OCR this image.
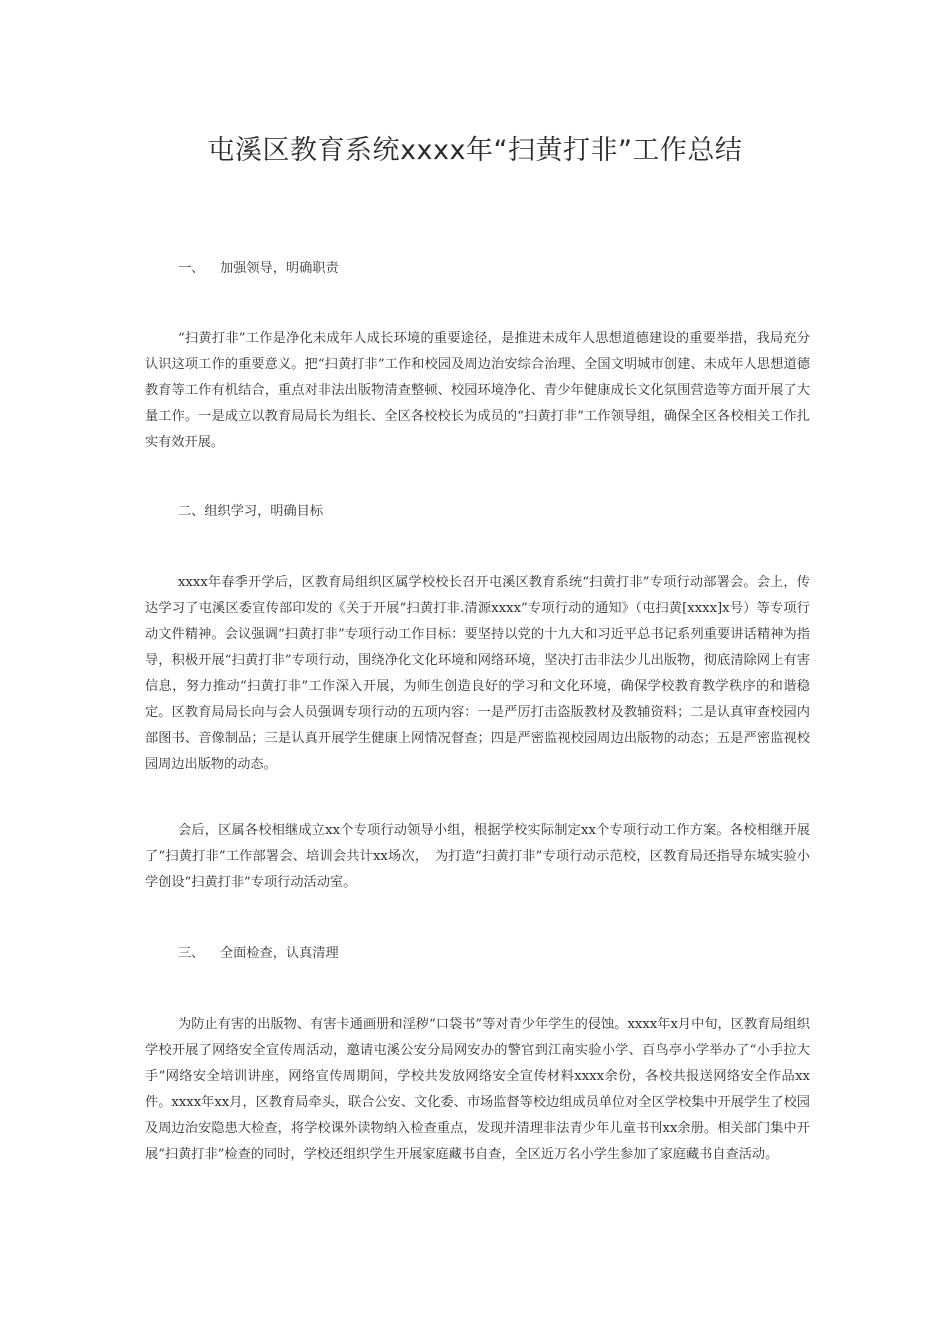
屯溪区教育系统xxxx年“扫黄打非”工作总结
一、 加强领导，明确职责

“扫黄打非”工作是净化未成年人成长环境的重要途径，是推进未成年人思想道德建设的重要举措，我局充分认识这项工作的重要意义。把“扫黄打非”工作和校园及周边治安综合治理、全国文明城市创建、未成年人思想道德教育等工作有机结合，重点对非法出版物清查整顿、校园环境净化、青少年健康成长文化氛围营造等方面开展了大量工作。一是成立以教育局局长为组长、全区各校校长为成员的“扫黄打非”工作领导组，确保全区各校相关工作扎实有效开展。

二、组织学习，明确目标

xxxx年春季开学后，区教育局组织区属学校校长召开屯溪区教育系统“扫黄打非”专项行动部署会。会上，传达学习了屯溪区委宣传部印发的《关于开展“扫黄打非.清源xxxx”专项行动的通知》（屯扫黄[xxxx]x号）等专项行动文件精神。会议强调“扫黄打非”专项行动工作目标：要坚持以党的十九大和习近平总书记系列重要讲话精神为指导，积极开展“扫黄打非”专项行动，围绕净化文化环境和网络环境，坚决打击非法少儿出版物，彻底清除网上有害信息，努力推动“扫黄打非”工作深入开展，为师生创造良好的学习和文化环境，确保学校教育教学秩序的和谐稳定。区教育局局长向与会人员强调专项行动的五项内容：一是严厉打击盗版教材及教辅资料；二是认真审查校园内部图书、音像制品；三是认真开展学生健康上网情况督查；四是严密监视校园周边出版物的动态；五是严密监视校园周边出版物的动态。

会后，区属各校相继成立xx个专项行动领导小组，根据学校实际制定xx个专项行动工作方案。各校相继开展了“扫黄打非”工作部署会、培训会共计xx场次，　为打造“扫黄打非”专项行动示范校，区教育局还指导东城实验小学创设“扫黄打非”专项行动活动室。

三、 全面检查，认真清理

为防止有害的出版物、有害卡通画册和淫秽“口袋书”等对青少年学生的侵蚀。xxxx年x月中旬，区教育局组织学校开展了网络安全宣传周活动，邀请屯溪公安分局网安办的警官到江南实验小学、百鸟亭小学举办了“小手拉大手”网络安全培训讲座，网络宣传周期间，学校共发放网络安全宣传材料xxxx余份，各校共报送网络安全作品xx件。xxxx年xx月，区教育局牵头，联合公安、文化委、市场监督等校边组成员单位对全区学校集中开展学生了校园及周边治安隐患大检查，将学校课外读物纳入检查重点，发现并清理非法青少年儿童书刊xx余册。相关部门集中开展“扫黄打非”检查的同时，学校还组织学生开展家庭藏书自查，全区近万名小学生参加了家庭藏书自查活动。
